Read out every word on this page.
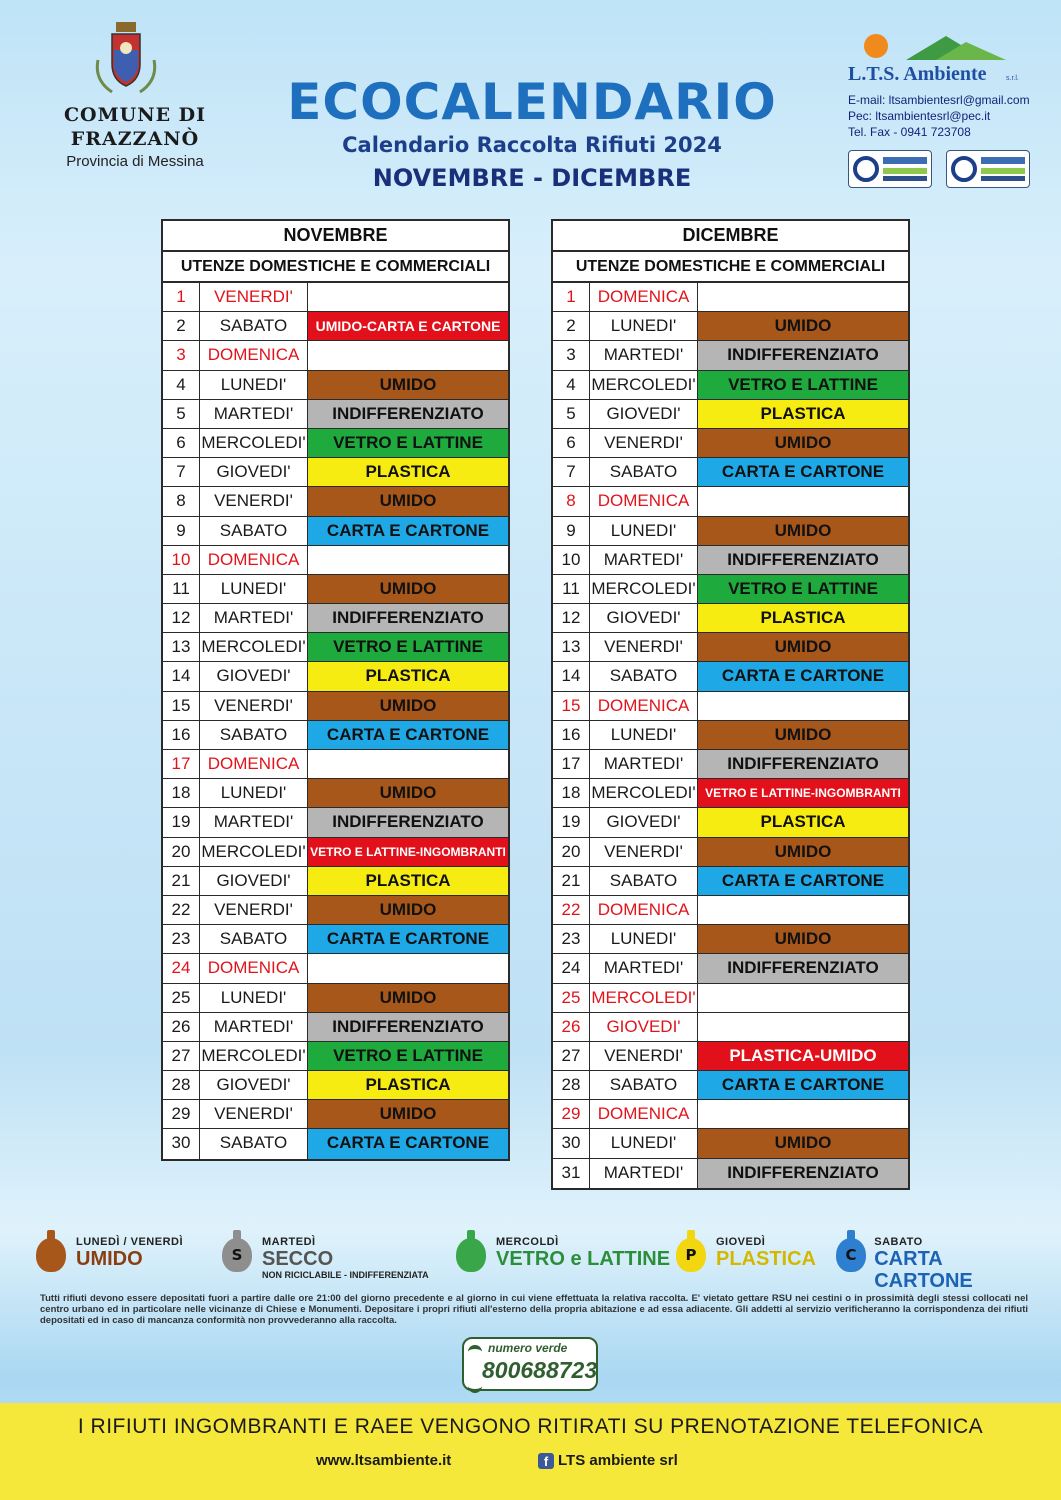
COMUNE DI
FRAZZANÒ
Provincia di Messina
ECOCALENDARIO
Calendario Raccolta Rifiuti 2024
NOVEMBRE - DICEMBRE
L.T.S. Ambiente	s.r.l.
E-mail: ltsambientesrl@gmail.com
Pec: ltsambientesrl@pec.it
Tel. Fax - 0941 723708
NOVEMBRE
UTENZE DOMESTICHE E COMMERCIALI
1	VENERDI'
2	SABATO	UMIDO-CARTA E CARTONE
3	DOMENICA
4	LUNEDI'	UMIDO
5	MARTEDI'	INDIFFERENZIATO
6 MERCOLEDI'	VETRO E LATTINE
7	GIOVEDI'	PLASTICA
8	VENERDI'	UMIDO
9	SABATO	CARTA E CARTONE
10	DOMENICA
11	LUNEDI'	UMIDO
12	MARTEDI'	INDIFFERENZIATO
13 MERCOLEDI'	VETRO E LATTINE
14	GIOVEDI'	PLASTICA
15	VENERDI'	UMIDO
16	SABATO	CARTA E CARTONE
17	DOMENICA
18	LUNEDI'	UMIDO
19	MARTEDI'	INDIFFERENZIATO
20 MERCOLEDI' VETRO E LATTINE-INGOMBRANTI
21	GIOVEDI'	PLASTICA
22	VENERDI'	UMIDO
23	SABATO	CARTA E CARTONE
24	DOMENICA
25	LUNEDI'	UMIDO
26	MARTEDI'	INDIFFERENZIATO
27 MERCOLEDI'	VETRO E LATTINE
28	GIOVEDI'	PLASTICA
29	VENERDI'	UMIDO
30	SABATO	CARTA E CARTONE
DICEMBRE
UTENZE DOMESTICHE E COMMERCIALI
1	DOMENICA
2	LUNEDI'	UMIDO
3	MARTEDI'	INDIFFERENZIATO
4 MERCOLEDI'	VETRO E LATTINE
5	GIOVEDI'	PLASTICA
6	VENERDI'	UMIDO
7	SABATO	CARTA E CARTONE
8	DOMENICA
9	LUNEDI'	UMIDO
10	MARTEDI'	INDIFFERENZIATO
11 MERCOLEDI'	VETRO E LATTINE
12	GIOVEDI'	PLASTICA
13	VENERDI'	UMIDO
14	SABATO	CARTA E CARTONE
15	DOMENICA
16	LUNEDI'	UMIDO
17	MARTEDI'	INDIFFERENZIATO
18 MERCOLEDI' VETRO E LATTINE-INGOMBRANTI
19	GIOVEDI'	PLASTICA
20	VENERDI'	UMIDO
21	SABATO	CARTA E CARTONE
22	DOMENICA
23	LUNEDI'	UMIDO
24	MARTEDI'	INDIFFERENZIATO
25 MERCOLEDI'
26	GIOVEDI'
27	VENERDI'	PLASTICA-UMIDO
28	SABATO	CARTA E CARTONE
29	DOMENICA
30	LUNEDI'	UMIDO
31	MARTEDI'	INDIFFERENZIATO
LUNEDÌ / VENERDÌ
UMIDO	S
MARTEDÌ
SECCO
NON RICICLABILE - INDIFFERENZIATA
MERCOLDÌ
VETRO e LATTINE	P
GIOVEDÌ
PLASTICA	C
SABATO
CARTA CARTONE
Tutti rifiuti devono essere depositati fuori a partire dalle ore 21:00 del giorno precedente e al giorno in cui viene effettuata la relativa raccolta. E' vietato gettare RSU nei cestini o in prossimità degli stessi collocati nel centro urbano ed in particolare nelle vicinanze di Chiese e Monumenti. Depositare i propri rifiuti all'esterno della propria abitazione e ad essa adiacente. Gli addetti al servizio verificheranno la corrispondenza dei rifiuti depositati ed in caso di mancanza conformità non provvederanno alla raccolta.
numero verde
800688723
I RIFIUTI INGOMBRANTI E RAEE VENGONO RITIRATI SU PRENOTAZIONE TELEFONICA
www.ltsambiente.it	f LTS ambiente srl
